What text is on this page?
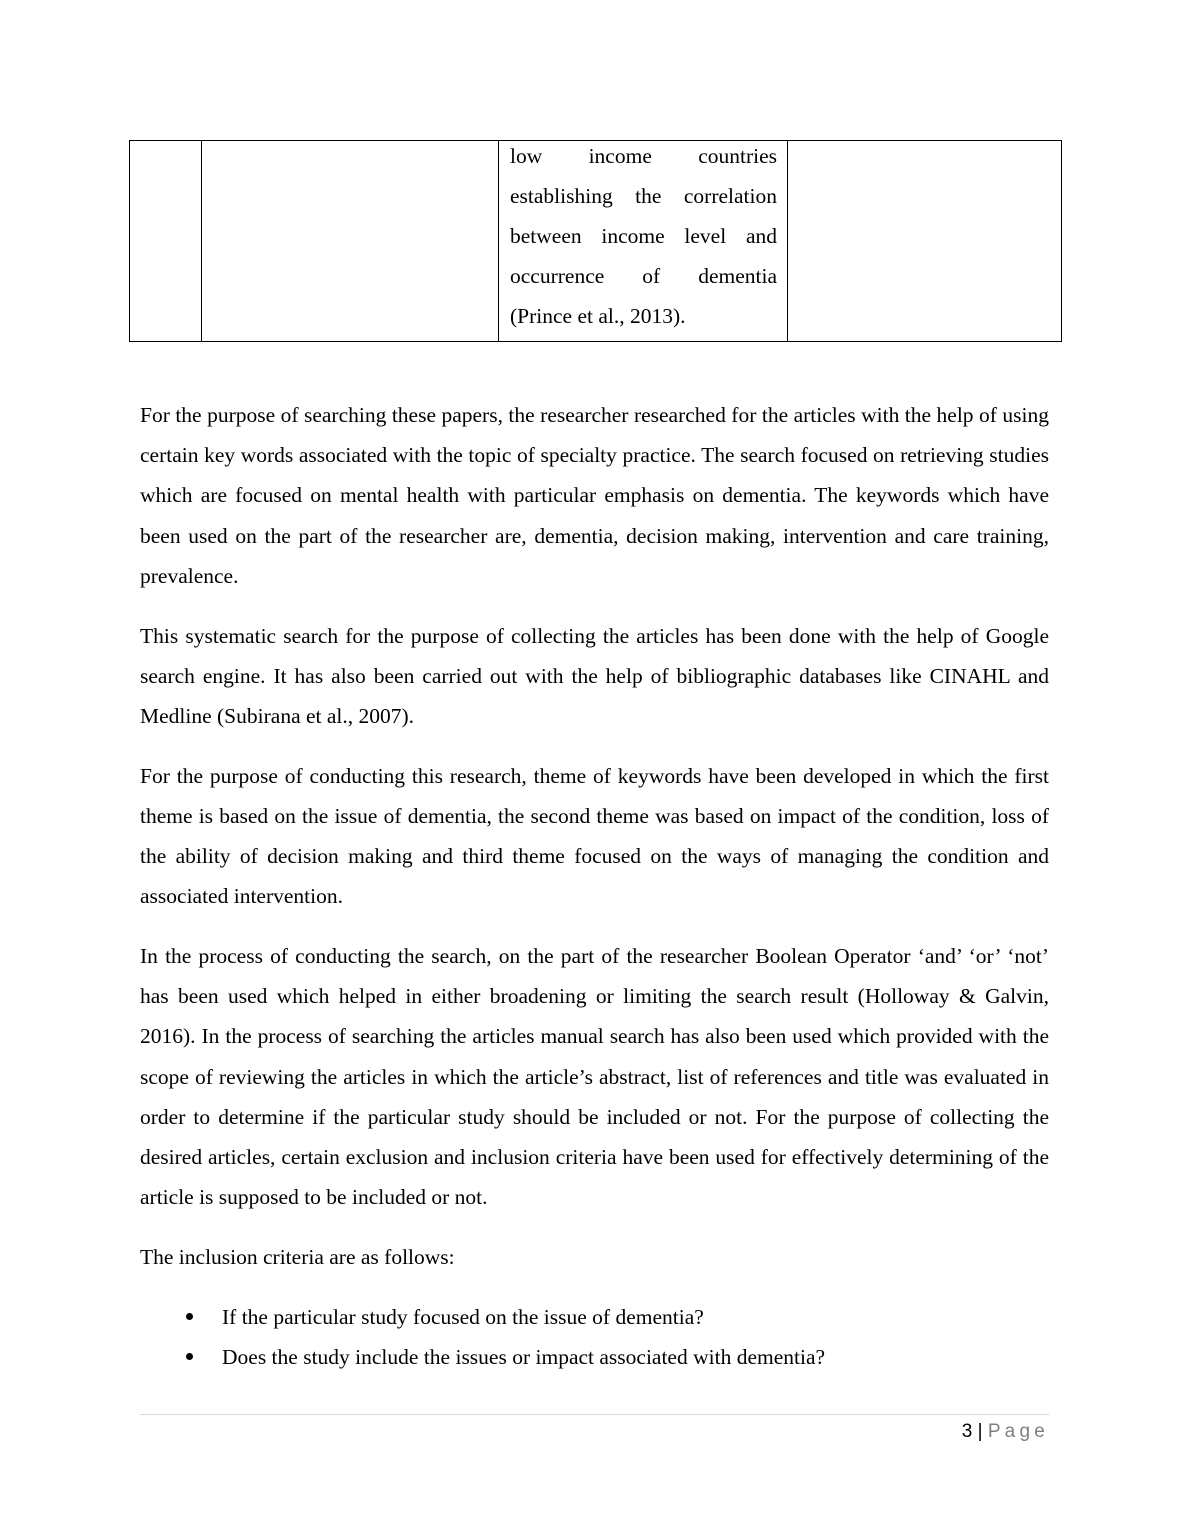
low income countries
establishing the correlation
between income level and
occurrence of dementia
(Prince et al., 2013).

For the purpose of searching these papers, the researcher researched for the articles with the help of using certain key words associated with the topic of specialty practice. The search focused on retrieving studies which are focused on mental health with particular emphasis on dementia. The keywords which have been used on the part of the researcher are, dementia, decision making, intervention and care training, prevalence.

This systematic search for the purpose of collecting the articles has been done with the help of Google search engine. It has also been carried out with the help of bibliographic databases like CINAHL and Medline (Subirana et al., 2007).

For the purpose of conducting this research, theme of keywords have been developed in which the first theme is based on the issue of dementia, the second theme was based on impact of the condition, loss of the ability of decision making and third theme focused on the ways of managing the condition and associated intervention.

In the process of conducting the search, on the part of the researcher Boolean Operator ‘and’ ‘or’ ‘not’ has been used which helped in either broadening or limiting the search result (Holloway & Galvin, 2016). In the process of searching the articles manual search has also been used which provided with the scope of reviewing the articles in which the article’s abstract, list of references and title was evaluated in order to determine if the particular study should be included or not. For the purpose of collecting the desired articles, certain exclusion and inclusion criteria have been used for effectively determining of the article is supposed to be included or not.

The inclusion criteria are as follows:

If the particular study focused on the issue of dementia?
Does the study include the issues or impact associated with dementia?
3 | Page
